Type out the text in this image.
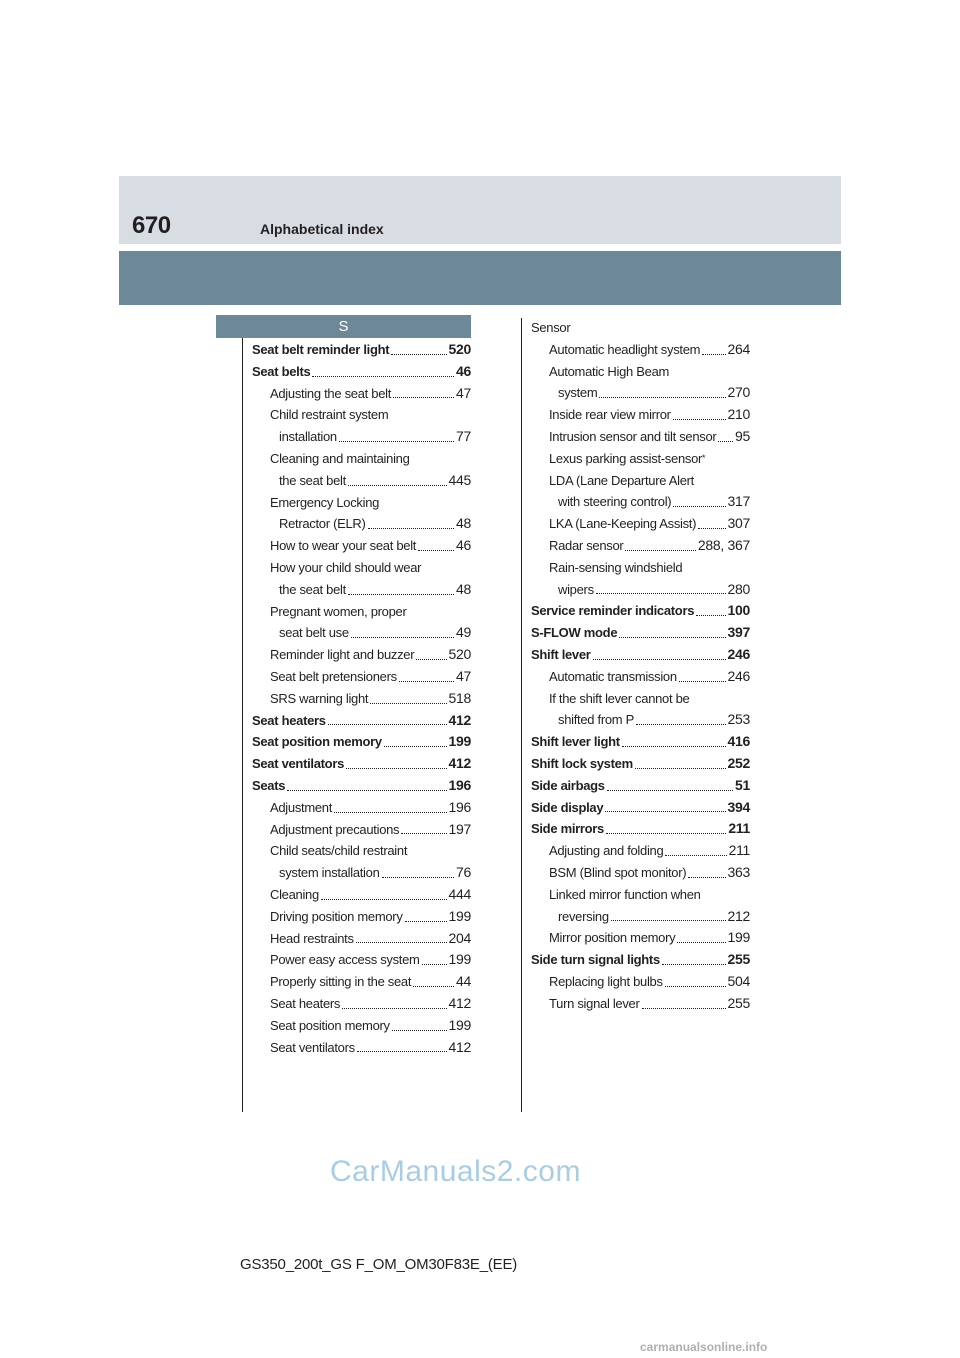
670	Alphabetical index
S
Seat belt reminder light	520
Seat belts	46
Adjusting the seat belt	47
Child restraint system
installation	77
Cleaning and maintaining
the seat belt	445
Emergency Locking
Retractor (ELR)	48
How to wear your seat belt	46
How your child should wear
the seat belt	48
Pregnant women, proper
seat belt use	49
Reminder light and buzzer 520
Seat belt pretensioners	47
SRS warning light	518
Seat heaters	412
Seat position memory	199
Seat ventilators	412
Seats	196
Adjustment	196
Adjustment precautions	197
Child seats/child restraint
system installation	76
Cleaning	444
Driving position memory	199
Head restraints	204
Power easy access system 199
Properly sitting in the seat	44
Seat heaters	412
Seat position memory	199
Seat ventilators	412
Sensor
Automatic headlight system 264
Automatic High Beam
system	270
Inside rear view mirror	210
Intrusion sensor and tilt sensor 95
Lexus parking assist-sensor *
LDA (Lane Departure Alert
with steering control)	317
LKA (Lane-Keeping Assist) 307
Radar sensor	288, 367
Rain-sensing windshield
wipers	280
Service reminder indicators 100
S-FLOW mode	397
Shift lever	246
Automatic transmission	246
If the shift lever cannot be
shifted from P	253
Shift lever light	416
Shift lock system	252
Side airbags	51
Side display	394
Side mirrors	211
Adjusting and folding	211
BSM (Blind spot monitor)	363
Linked mirror function when
reversing	212
Mirror position memory	199
Side turn signal lights	255
Replacing light bulbs	504
Turn signal lever	255
GS350_200t_GS F_OM_OM30F83E_(EE)
CarManuals2.com
carmanualsonline.info
